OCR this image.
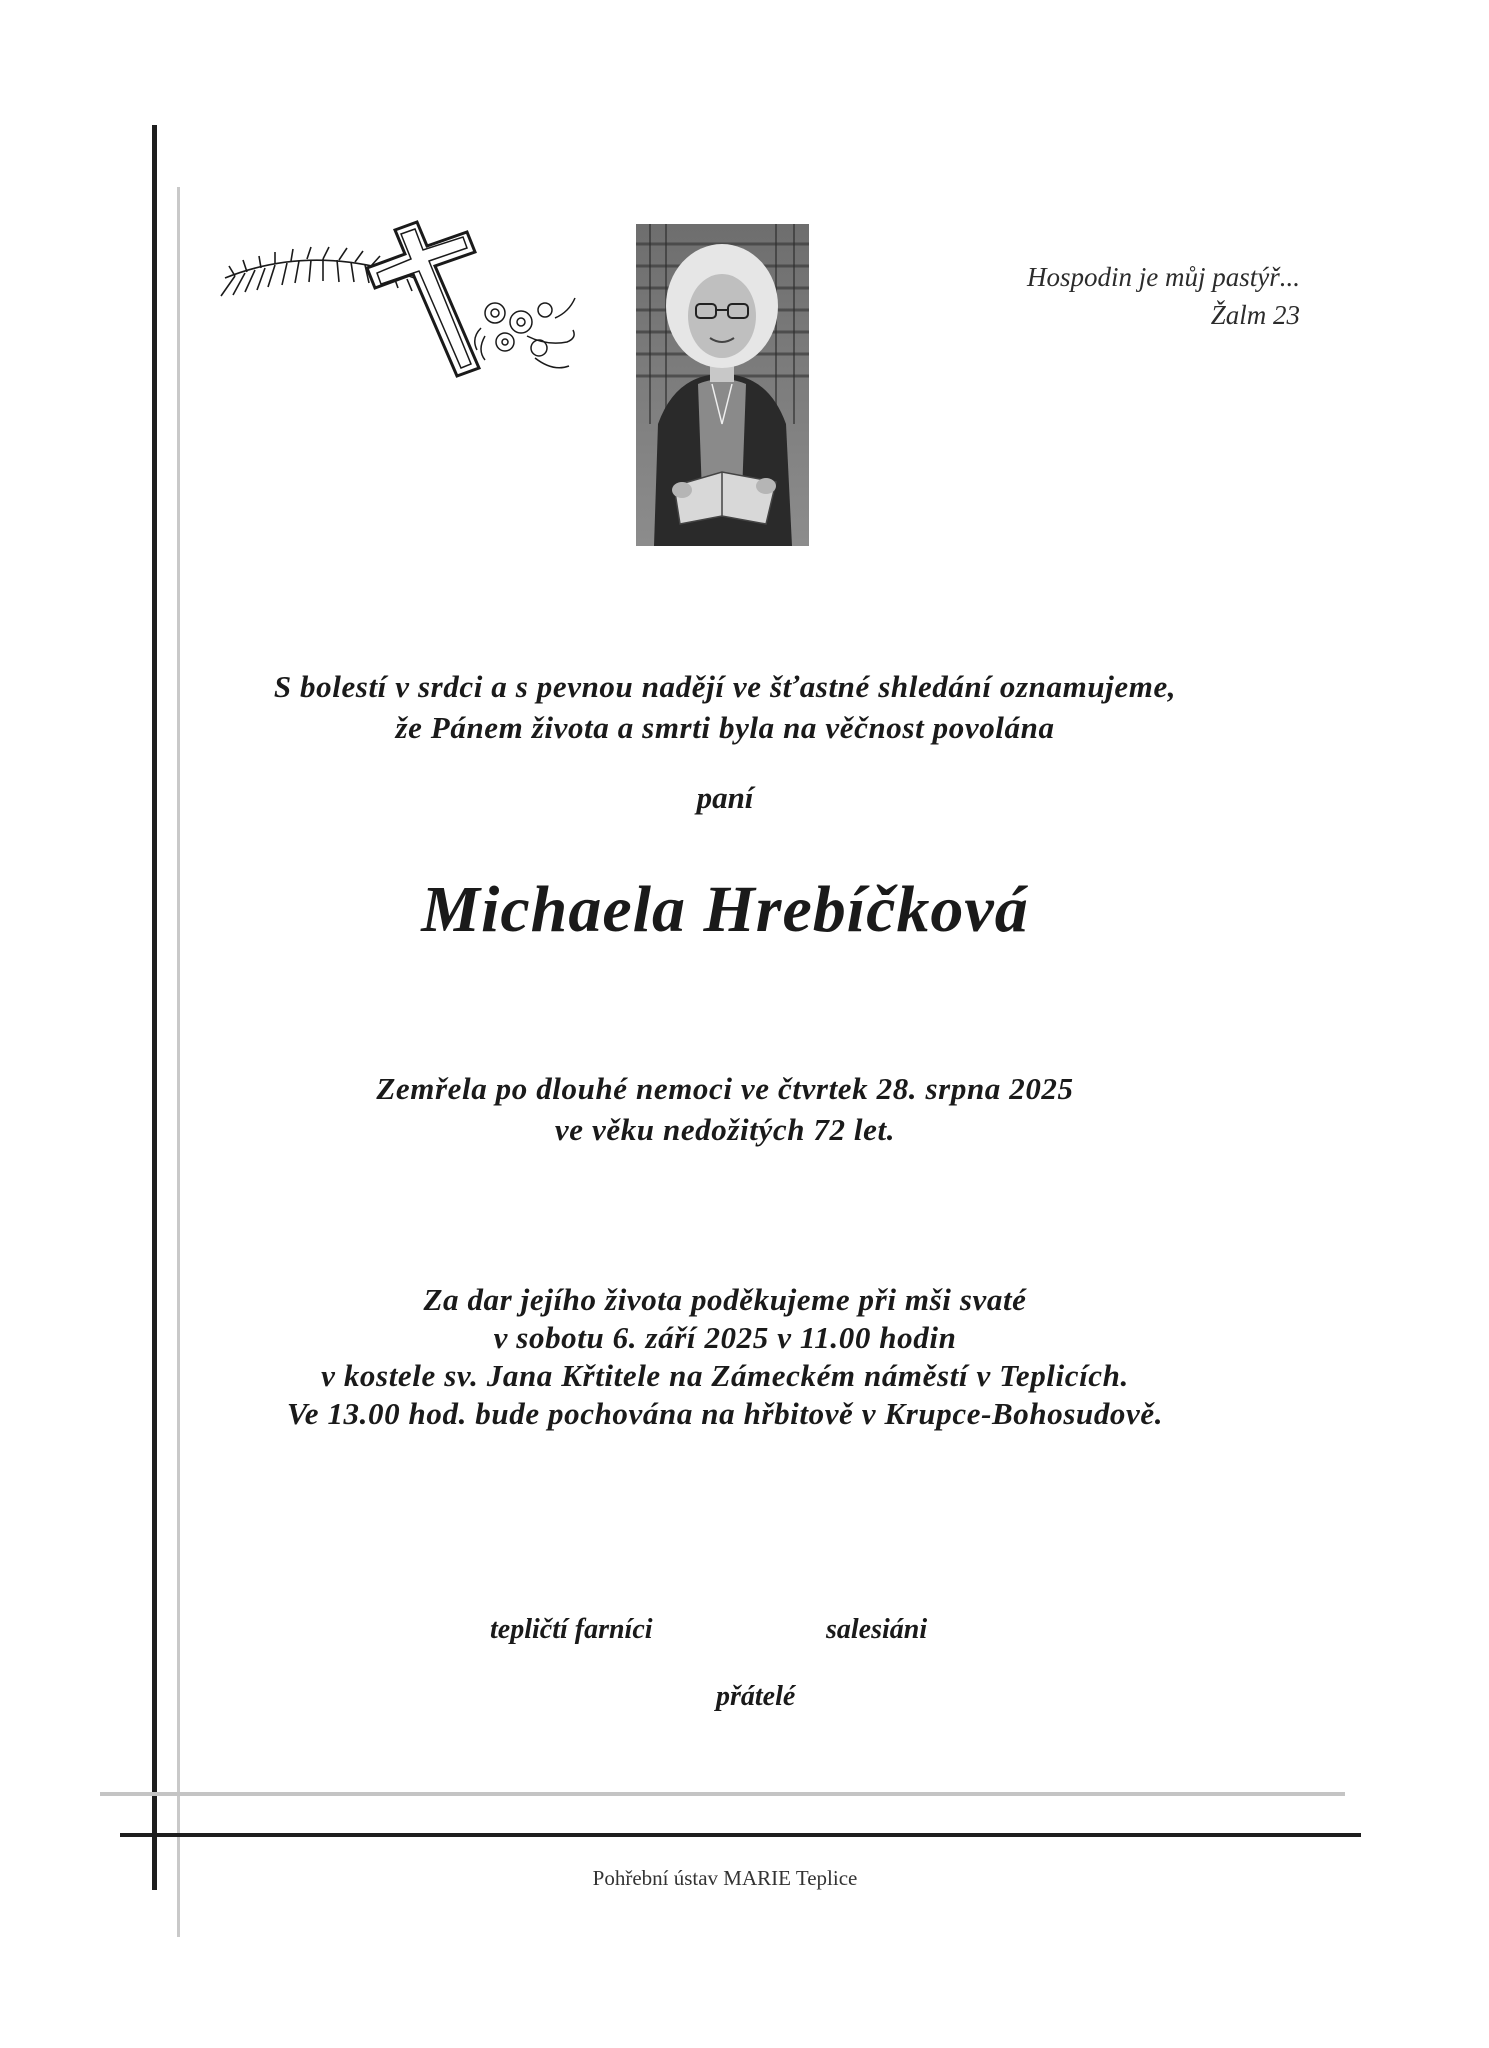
Hospodin je můj pastýř...
Žalm 23
S bolestí v srdci a s pevnou nadějí ve šťastné shledání oznamujeme,
že Pánem života a smrti byla na věčnost povolána
paní
Michaela Hrebíčková
Zemřela po dlouhé nemoci ve čtvrtek 28. srpna 2025
ve věku nedožitých 72 let.
Za dar jejího života poděkujeme při mši svaté
v sobotu 6. září 2025 v 11.00 hodin
v kostele sv. Jana Křtitele na Zámeckém náměstí v Teplicích.
Ve 13.00 hod. bude pochována na hřbitově v Krupce-Bohosudově.
tepličtí farníci	salesiáni
přátelé
Pohřební ústav MARIE Teplice
